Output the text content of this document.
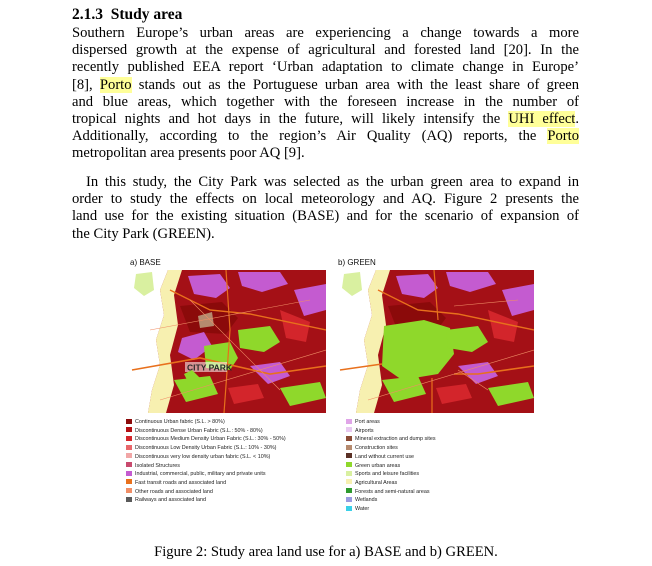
2.1.3 Study area
Southern Europe’s urban areas are experiencing a change towards a more
dispersed growth at the expense of agricultural and forested land [20]. In the
recently published EEA report ‘Urban adaptation to climate change in Europe’
[8], Porto stands out as the Portuguese urban area with the least share of green
and blue areas, which together with the foreseen increase in the number of
tropical nights and hot days in the future, will likely intensify the UHI effect.
Additionally, according to the region’s Air Quality (AQ) reports, the Porto
metropolitan area presents poor AQ [9].
In this study, the City Park was selected as the urban green area to expand in
order to study the effects on local meteorology and AQ. Figure 2 presents the
land use for the existing situation (BASE) and for the scenario of expansion of
the City Park (GREEN).
a) BASE	b) GREEN
CITY PARK
Continuous Urban fabric (S.L. > 80%)
Discontinuous Dense Urban Fabric (S.L.: 50% - 80%)
Discontinuous Medium Density Urban Fabric (S.L.: 30% - 50%)
Discontinuous Low Density Urban Fabric (S.L.: 10% - 30%)
Discontinuous very low density urban fabric (S.L. < 10%)
Isolated Structures
Industrial, commercial, public, military and private units
Fast transit roads and associated land
Other roads and associated land
Railways and associated land
Port areas
Airports
Mineral extraction and dump sites
Construction sites
Land without current use
Green urban areas
Sports and leisure facilities
Agricultural Areas
Forests and semi-natural areas
Wetlands
Water
Figure 2: Study area land use for a) BASE and b) GREEN.
